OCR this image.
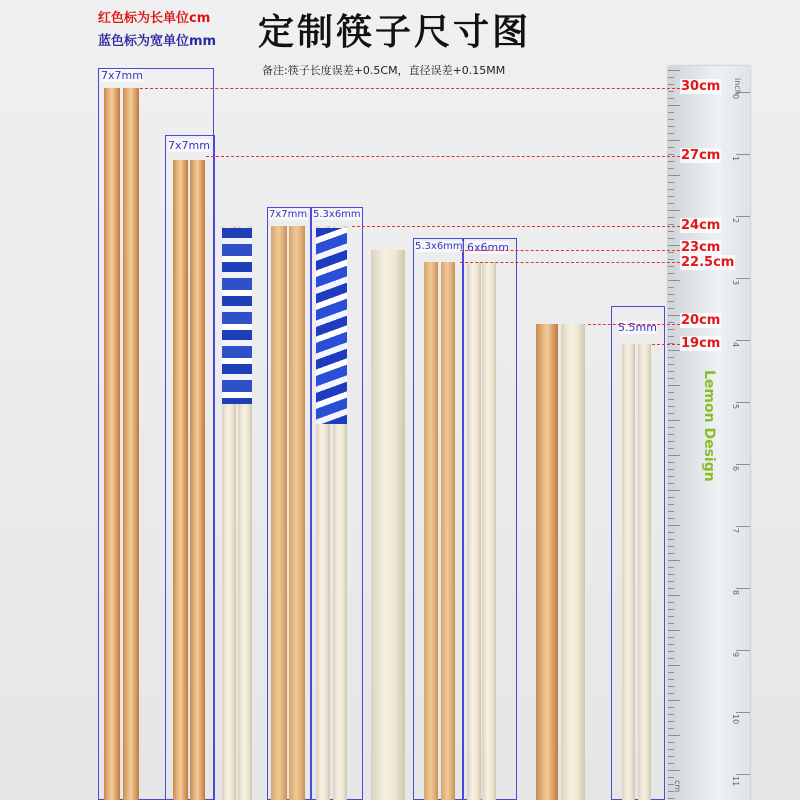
红色标为长单位cm
蓝色标为宽单位mm 定制筷子尺寸图
备注:筷子长度误差+0.5CM，直径误差+0.15MM
0
1
2
3
4
5
6
7
8
9
10
11
inch
cm
7x7mm
7x7mm
7x7mm 5.3x6mm
5.3x6mm 6x6mm
5.5mm
30cm
27cm
24cm
23cm
22.5cm
20cm
19cm
Lemon Design
